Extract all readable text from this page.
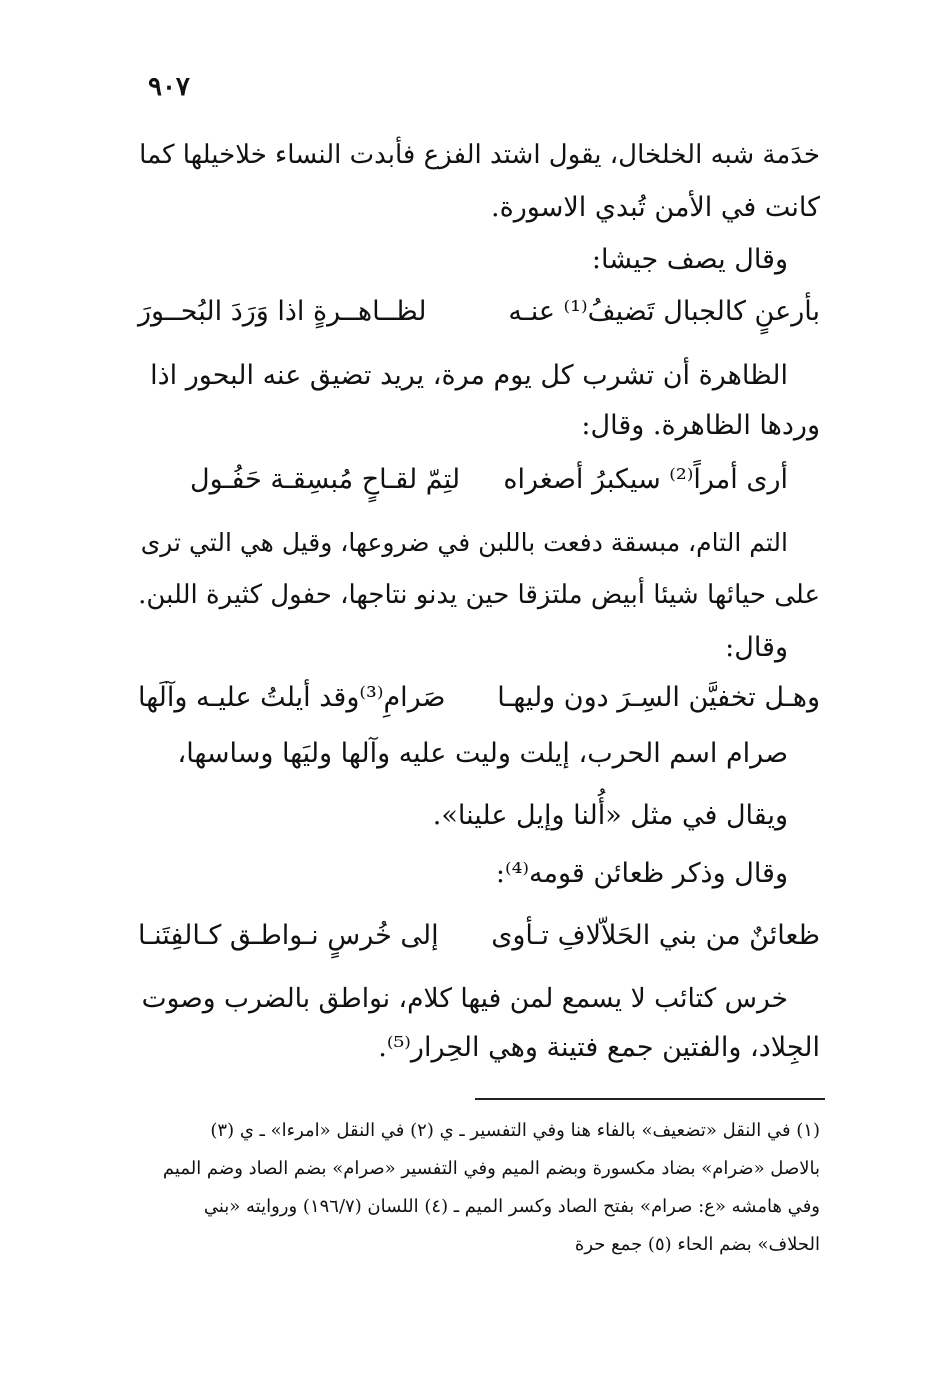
٩٠٧
خدَمة شبه الخلخال، يقول اشتد الفزع فأبدت النساء خلاخيلها كما
كانت في الأمن تُبدي الاسورة.
وقال يصف جيشا:
بأرعنٍ كالجبال تَضيفُ⁽¹⁾ عنـه
لظــاهــرةٍ اذا وَرَدَ البُحــورَ
الظاهرة أن تشرب كل يوم مرة، يريد تضيق عنه البحور اذا
وردها الظاهرة. وقال:
أرى أمراً⁽²⁾ سيكبرُ أصغراه
لتِمّ لقـاحٍ مُبسِقـة حَفُـول
التم التام، مبسقة دفعت باللبن في ضروعها، وقيل هي التي ترى
على حيائها شيئا أبيض ملتزقا حين يدنو نتاجها، حفول كثيرة اللبن.
وقال:
وهـل تخفيَّن السِـرَ دون وليهـا
صَرامِ⁽³⁾وقد أيلتُ عليـه وآلَها
صرام اسم الحرب، إيلت وليت عليه وآلها وليَها وساسها،
ويقال في مثل «أُلنا وإيل علينا».
وقال وذكر ظعائن قومه⁽⁴⁾:
ظعائنٌ من بني الحَلاّلافِ تـأوى
إلى خُرسٍ نـواطـق كـالفِتَنـا
خرس كتائب لا يسمع لمن فيها كلام، نواطق بالضرب وصوت
الجِلاد، والفتين جمع فتينة وهي الحِرار⁽⁵⁾.
(١) في النقل «تضعيف» بالفاء هنا وفي التفسير ـ ي (٢) في النقل «امرءا» ـ ي (٣)
بالاصل «ضرام» بضاد مكسورة وبضم الميم وفي التفسير «صرام» بضم الصاد وضم الميم
وفي هامشه «ع: صرام» بفتح الصاد وكسر الميم ـ (٤) اللسان (١٩٦/٧) وروايته «بني
الحلاف» بضم الحاء (٥) جمع حرة
